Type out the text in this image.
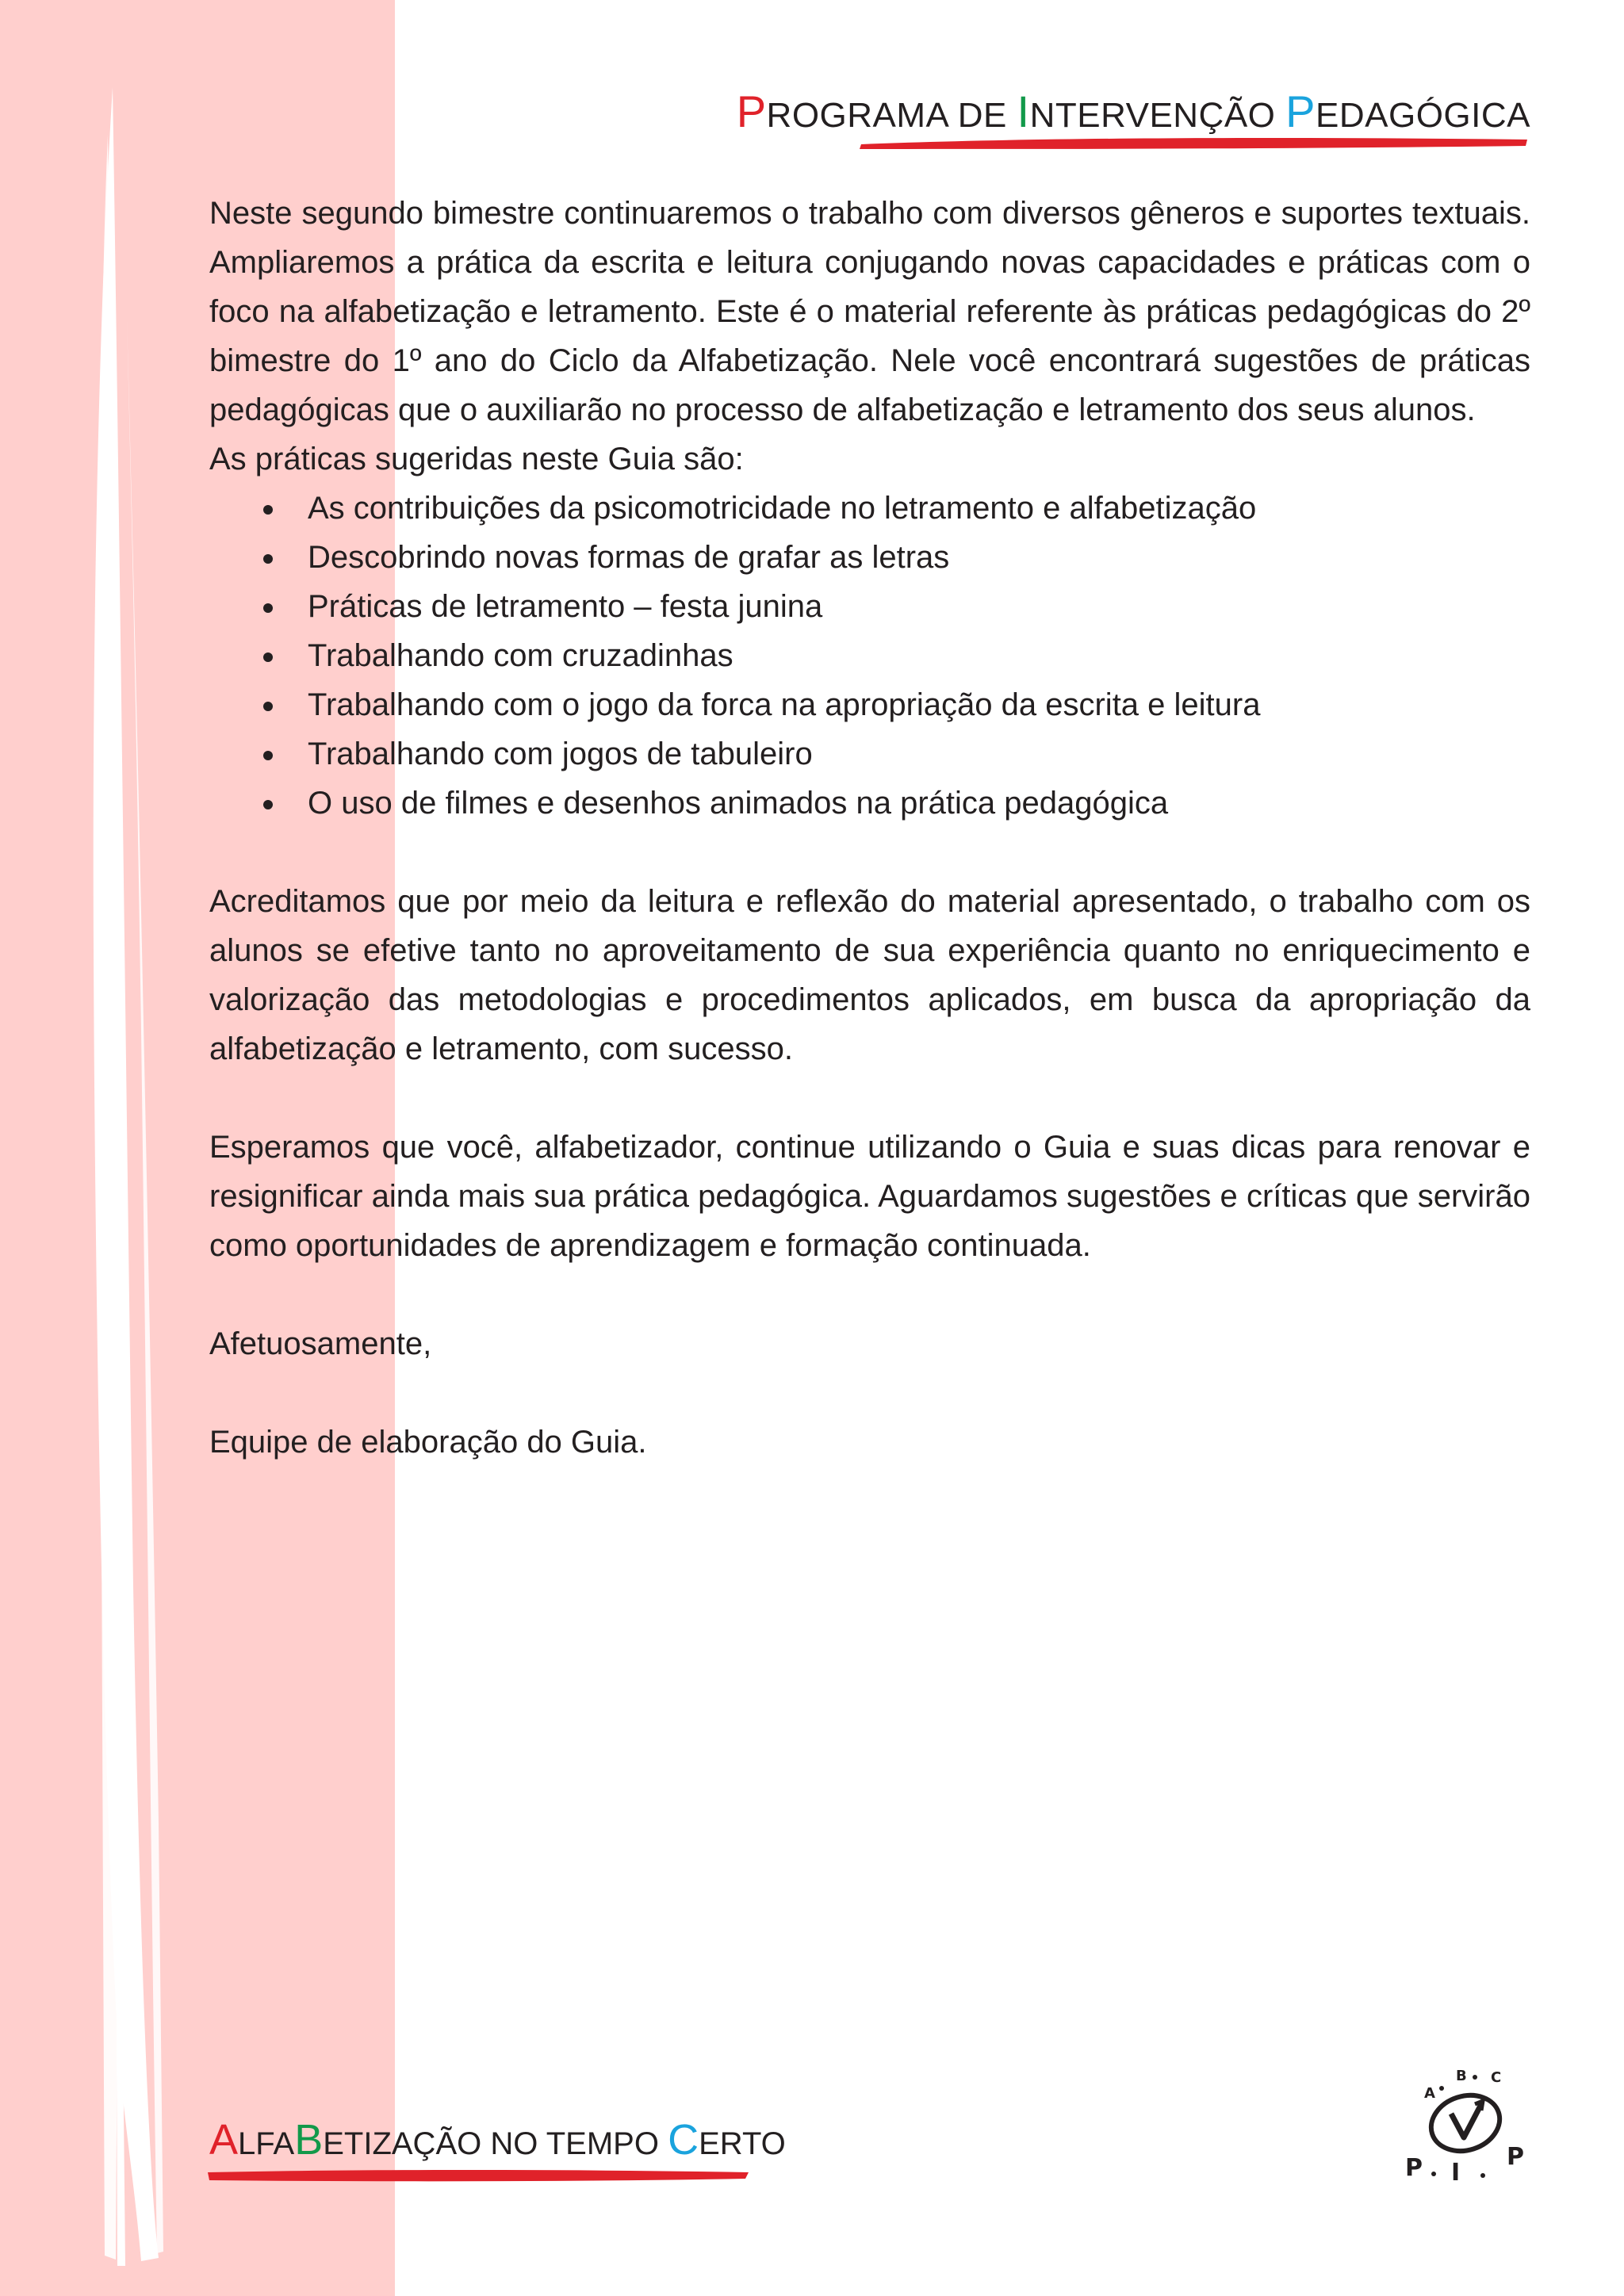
PROGRAMA DE INTERVENÇÃO PEDAGÓGICA

Neste segundo bimestre continuaremos o trabalho com diversos gêneros e suportes textuais. Ampliaremos a prática da escrita e leitura conjugando novas capacidades e práticas com o foco na alfabetização e letramento. Este é o material referente às práticas pedagógicas do 2º bimestre do 1º ano do Ciclo da Alfabetização. Nele você encontrará sugestões de práticas pedagógicas que o auxiliarão no processo de alfabetização e letramento dos seus alunos.

As práticas sugeridas neste Guia são:

As contribuições da psicomotricidade no letramento e alfabetização
Descobrindo novas formas de grafar as letras
Práticas de letramento – festa junina
Trabalhando com cruzadinhas
Trabalhando com o jogo da forca na apropriação da escrita e leitura
Trabalhando com jogos de tabuleiro
O uso de filmes e desenhos animados na prática pedagógica

Acreditamos que por meio da leitura e reflexão do material apresentado, o trabalho com os alunos se efetive tanto no aproveitamento de sua experiência quanto no enriquecimento e valorização das metodologias e procedimentos aplicados, em busca da apropriação da alfabetização e letramento, com sucesso.

Esperamos que você, alfabetizador, continue utilizando o Guia e suas dicas para renovar e resignificar ainda mais sua prática pedagógica. Aguardamos sugestões e críticas que servirão como oportunidades de aprendizagem e formação continuada.

Afetuosamente,

Equipe de elaboração do Guia.

ALFABETIZAÇÃO NO TEMPO CERTO
A
B C
P I
P
